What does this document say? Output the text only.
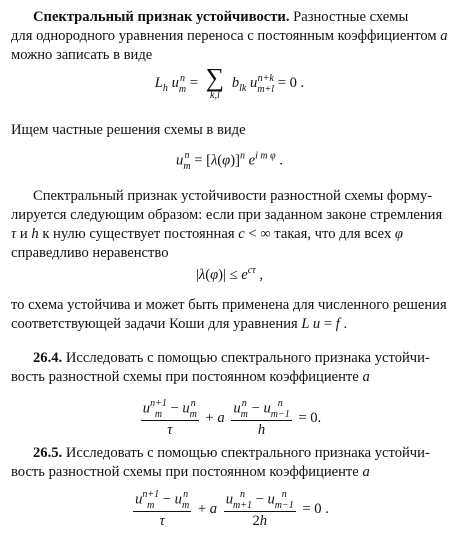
Спектральный признак устойчивости. Разностные схемы
для однородного уравнения переноса с постоянным коэффициентом a
можно записать в виде
$L_h$ u n
m = ∑
k,l
$b_{lk}$ u n+k
m+l = 0 .
Ищем частные решения схемы в виде
u n
$m = [\lambda(\varphi)]^n$ $e^{i m \varphi}$ .
Спектральный признак устойчивости разностной схемы форму-
лируется следующим образом: если при заданном законе стремления
τ и h к нулю существует постоянная c < ∞ такая, что для всех φ
справедливо неравенство
$|\lambda(\varphi)| \le e^{c\tau}$ ,
то схема устойчива и может быть применена для численного решения
соответствующей задачи Коши для уравнения L u = f .
26.4. Исследовать с помощью спектрального признака устойчи-
вость разностной схемы при постоянном коэффициенте a
u n+1
m − u n
m
τ + a u n
m − u n
m−1
h = 0.
26.5. Исследовать с помощью спектрального признака устойчи-
вость разностной схемы при постоянном коэффициенте a
u n+1
m − u n
m
τ + a u n
m+1 − u n
m−1
2h = 0 .
